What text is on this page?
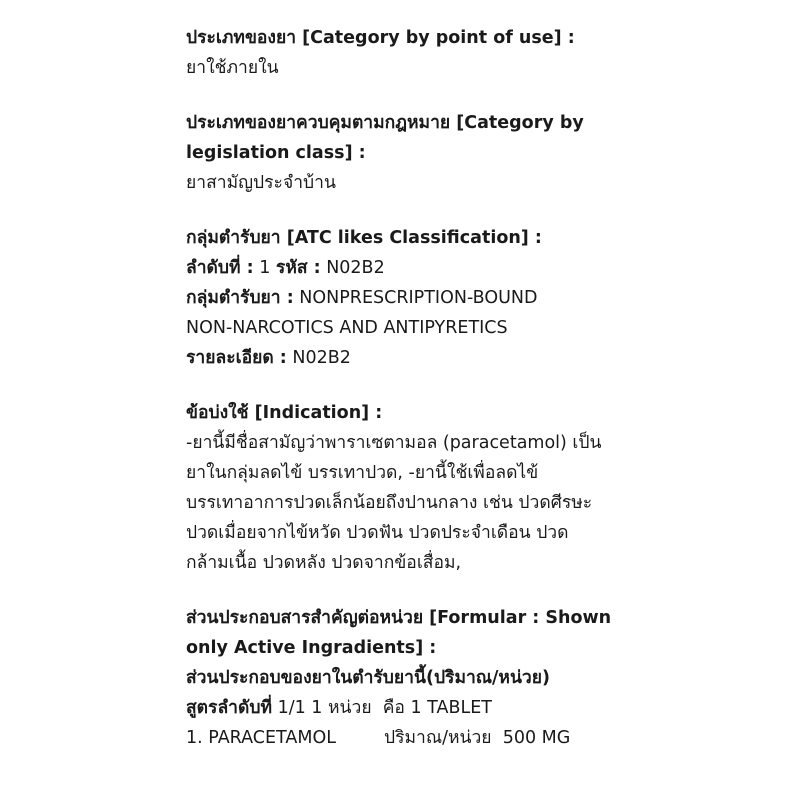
ประเภทของยา [Category by point of use] :
ยาใช้ภายใน
ประเภทของยาควบคุมตามกฎหมาย [Category by
legislation class] :
ยาสามัญประจำบ้าน
กลุ่มตำรับยา [ATC likes Classification] :
ลำดับที่ : 1 รหัส : N02B2
กลุ่มตำรับยา : NONPRESCRIPTION-BOUND
NON-NARCOTICS AND ANTIPYRETICS
รายละเอียด : N02B2
ข้อบ่งใช้ [Indication] :
-ยานี้มีชื่อสามัญว่าพาราเซตามอล (paracetamol) เป็น
ยาในกลุ่มลดไข้ บรรเทาปวด, -ยานี้ใช้เพื่อลดไข้
บรรเทาอาการปวดเล็กน้อยถึงปานกลาง เช่น ปวดศีรษะ
ปวดเมื่อยจากไข้หวัด ปวดฟัน ปวดประจำเดือน ปวด
กล้ามเนื้อ ปวดหลัง ปวดจากข้อเสื่อม,
ส่วนประกอบสารสำคัญต่อหน่วย [Formular : Shown
only Active Ingradients] :
ส่วนประกอบของยาในตำรับยานี้(ปริมาณ/หน่วย)
สูตรลำดับที่ 1/1 1 หน่วย  คือ 1 TABLET
1. PARACETAMOL	ปริมาณ/หน่วย  500 MG
